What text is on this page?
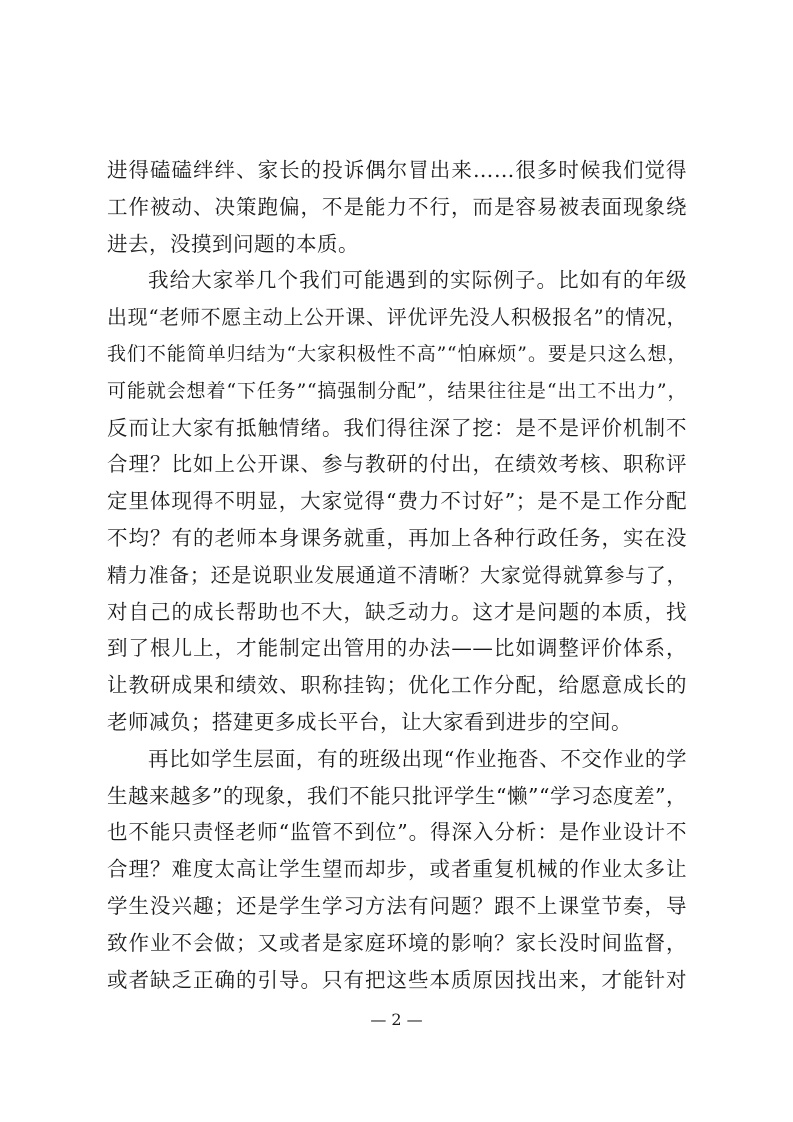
进得磕磕绊绊、家长的投诉偶尔冒出来……很多时候我们觉得
工作被动、决策跑偏，不是能力不行，而是容易被表面现象绕
进去，没摸到问题的本质。
我给大家举几个我们可能遇到的实际例子。比如有的年级
出现“老师不愿主动上公开课、评优评先没人积极报名”的情况，
我们不能简单归结为“大家积极性不高”“怕麻烦”。要是只这么想，
可能就会想着“下任务”“搞强制分配”，结果往往是“出工不出力”，
反而让大家有抵触情绪。我们得往深了挖：是不是评价机制不
合理？比如上公开课、参与教研的付出，在绩效考核、职称评
定里体现得不明显，大家觉得“费力不讨好”；是不是工作分配
不均？有的老师本身课务就重，再加上各种行政任务，实在没
精力准备；还是说职业发展通道不清晰？大家觉得就算参与了，
对自己的成长帮助也不大，缺乏动力。这才是问题的本质，找
到了根儿上，才能制定出管用的办法——比如调整评价体系，
让教研成果和绩效、职称挂钩；优化工作分配，给愿意成长的
老师减负；搭建更多成长平台，让大家看到进步的空间。
再比如学生层面，有的班级出现“作业拖沓、不交作业的学
生越来越多”的现象，我们不能只批评学生“懒”“学习态度差”，
也不能只责怪老师“监管不到位”。得深入分析：是作业设计不
合理？难度太高让学生望而却步，或者重复机械的作业太多让
学生没兴趣；还是学生学习方法有问题？跟不上课堂节奏，导
致作业不会做；又或者是家庭环境的影响？家长没时间监督，
或者缺乏正确的引导。只有把这些本质原因找出来，才能针对
— 2 —
